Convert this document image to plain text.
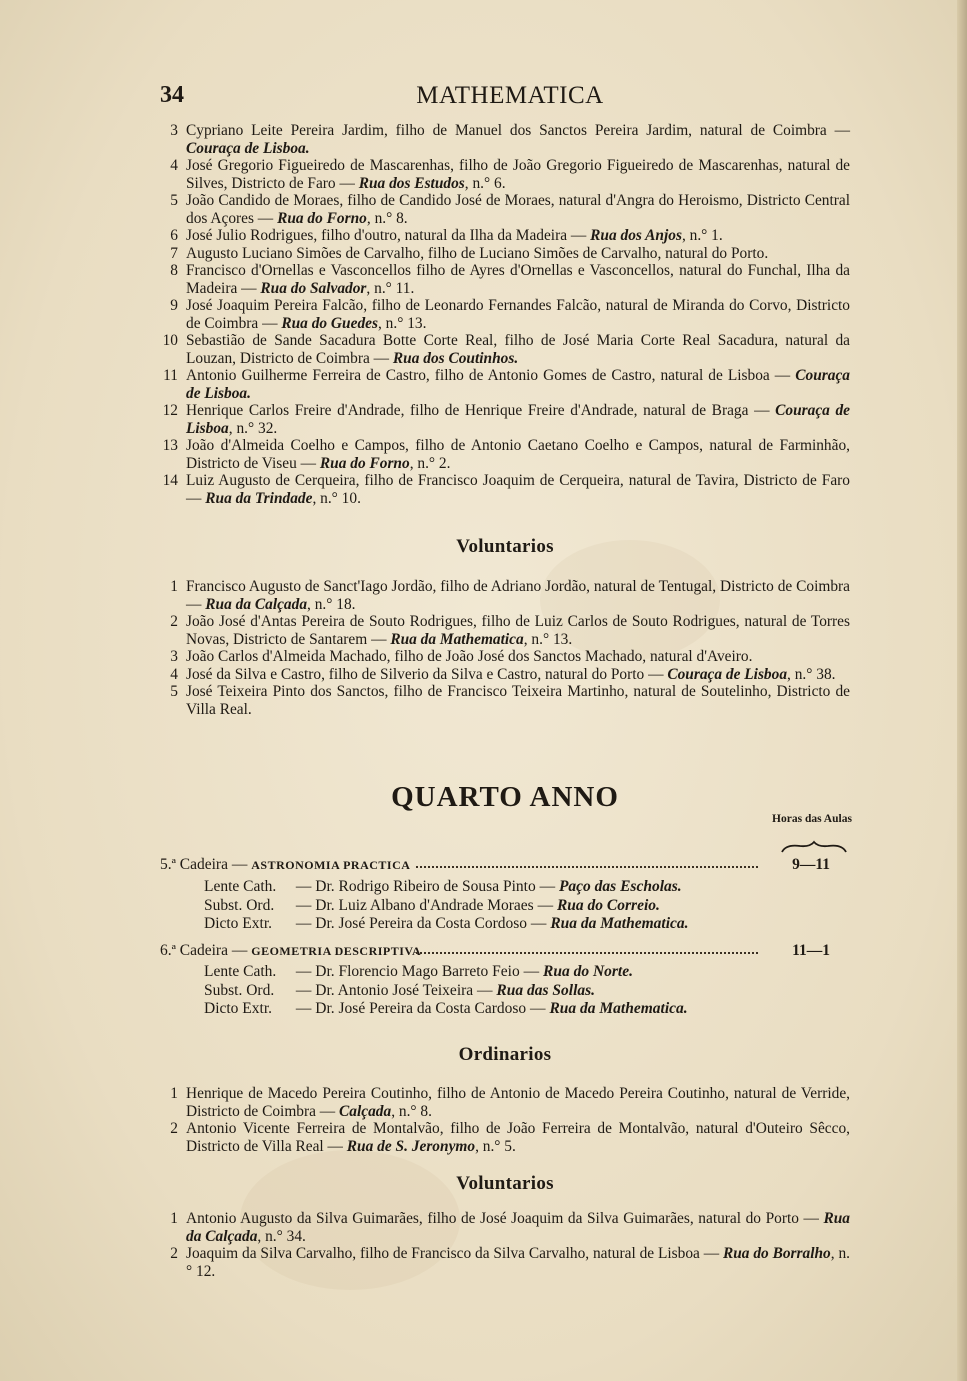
34	MATHEMATICA
3 Cypriano Leite Pereira Jardim, filho de Manuel dos Sanctos Pereira Jardim, natural de Coimbra — Couraça de Lisboa.
4 José Gregorio Figueiredo de Mascarenhas, filho de João Gregorio Figueiredo de Mascarenhas, natural de Silves, Districto de Faro — Rua dos Estudos, n.° 6.
5 João Candido de Moraes, filho de Candido José de Moraes, natural d'Angra do Heroismo, Districto Central dos Açores — Rua do Forno, n.° 8.
6 José Julio Rodrigues, filho d'outro, natural da Ilha da Madeira — Rua dos Anjos, n.° 1.
7 Augusto Luciano Simões de Carvalho, filho de Luciano Simões de Carvalho, natural do Porto.
8 Francisco d'Ornellas e Vasconcellos filho de Ayres d'Ornellas e Vasconcellos, natural do Funchal, Ilha da Madeira — Rua do Salvador, n.° 11.
9 José Joaquim Pereira Falcão, filho de Leonardo Fernandes Falcão, natural de Miranda do Corvo, Districto de Coimbra — Rua do Guedes, n.° 13.
10 Sebastião de Sande Sacadura Botte Corte Real, filho de José Maria Corte Real Sacadura, natural da Louzan, Districto de Coimbra — Rua dos Coutinhos.
11 Antonio Guilherme Ferreira de Castro, filho de Antonio Gomes de Castro, natural de Lisboa — Couraça de Lisboa.
12 Henrique Carlos Freire d'Andrade, filho de Henrique Freire d'Andrade, natural de Braga — Couraça de Lisboa, n.° 32.
13 João d'Almeida Coelho e Campos, filho de Antonio Caetano Coelho e Campos, natural de Farminhão, Districto de Viseu — Rua do Forno, n.° 2.
14 Luiz Augusto de Cerqueira, filho de Francisco Joaquim de Cerqueira, natural de Tavira, Districto de Faro — Rua da Trindade, n.° 10.
Voluntarios
1 Francisco Augusto de Sanct'Iago Jordão, filho de Adriano Jordão, natural de Tentugal, Districto de Coimbra — Rua da Calçada, n.° 18.
2 João José d'Antas Pereira de Souto Rodrigues, filho de Luiz Carlos de Souto Rodrigues, natural de Torres Novas, Districto de Santarem — Rua da Mathematica, n.° 13.
3 João Carlos d'Almeida Machado, filho de João José dos Sanctos Machado, natural d'Aveiro.
4 José da Silva e Castro, filho de Silverio da Silva e Castro, natural do Porto — Couraça de Lisboa, n.° 38.
5 José Teixeira Pinto dos Sanctos, filho de Francisco Teixeira Martinho, natural de Soutelinho, Districto de Villa Real.
QUARTO ANNO
Horas das Aulas
5.ª Cadeira — ASTRONOMIA PRACTICA	9—11
Lente Cath. — Dr. Rodrigo Ribeiro de Sousa Pinto — Paço das Escholas.
Subst. Ord. — Dr. Luiz Albano d'Andrade Moraes — Rua do Correio.
Dicto Extr. — Dr. José Pereira da Costa Cordoso — Rua da Mathematica.
6.ª Cadeira — GEOMETRIA DESCRIPTIVA	11—1
Lente Cath. — Dr. Florencio Mago Barreto Feio — Rua do Norte.
Subst. Ord. — Dr. Antonio José Teixeira — Rua das Sollas.
Dicto Extr. — Dr. José Pereira da Costa Cardoso — Rua da Mathematica.
Ordinarios
1 Henrique de Macedo Pereira Coutinho, filho de Antonio de Macedo Pereira Coutinho, natural de Verride, Districto de Coimbra — Calçada, n.° 8.
2 Antonio Vicente Ferreira de Montalvão, filho de João Ferreira de Montalvão, natural d'Outeiro Sêcco, Districto de Villa Real — Rua de S. Jeronymo, n.° 5.
Voluntarios
1 Antonio Augusto da Silva Guimarães, filho de José Joaquim da Silva Guimarães, natural do Porto — Rua da Calçada, n.° 34.
2 Joaquim da Silva Carvalho, filho de Francisco da Silva Carvalho, natural de Lisboa — Rua do Borralho, n.° 12.
